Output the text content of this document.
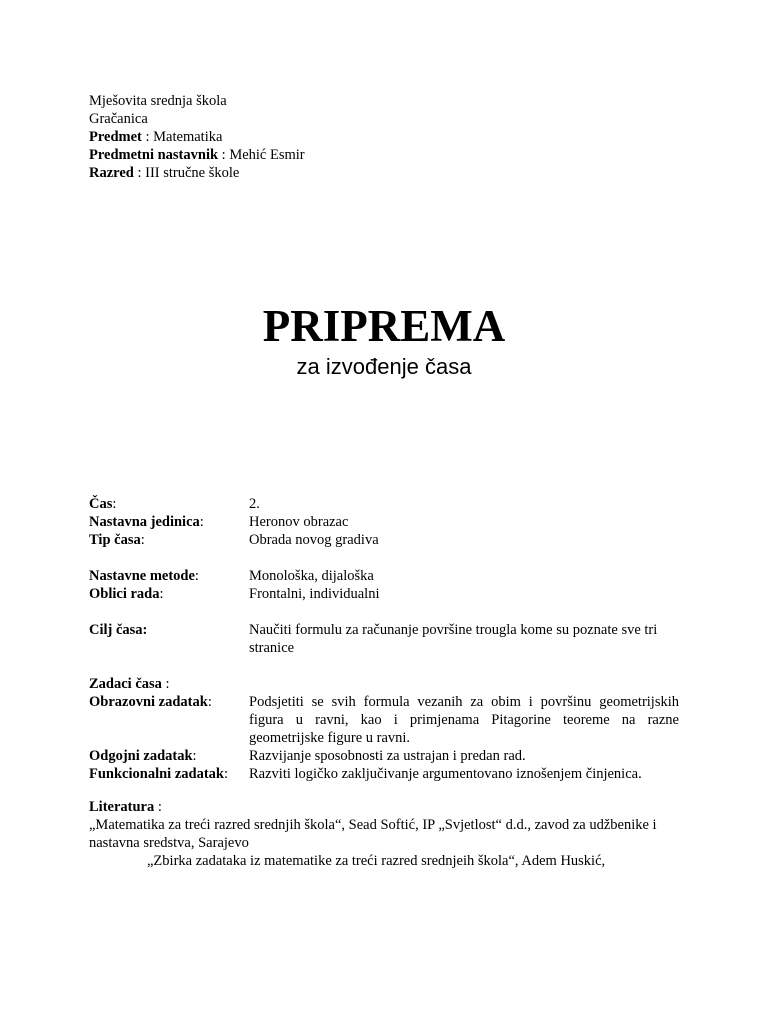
Mješovita srednja škola
Gračanica
Predmet : Matematika
Predmetni nastavnik : Mehić Esmir
Razred : III stručne škole
PRIPREMA
za izvođenje časa
Čas:	2.
Nastavna jedinica:	Heronov obrazac
Tip časa:	Obrada novog gradiva
Nastavne metode:	Monološka, dijaloška
Oblici rada:	Frontalni, individualni
Cilj časa:	Naučiti formulu za računanje površine trougla kome su poznate sve tri stranice
Zadaci časa :
Obrazovni zadatak:	Podsjetiti se svih formula vezanih za obim i površinu geometrijskih figura u ravni, kao i primjenama Pitagorine teoreme na razne geometrijske figure u ravni.
Odgojni zadatak:	Razvijanje sposobnosti za ustrajan i predan rad.
Funkcionalni zadatak:	Razviti logičko zaključivanje argumentovano iznošenjem činjenica.
Literatura :
„Matematika za treći razred srednjih škola“, Sead Softić, IP „Svjetlost“ d.d., zavod za udžbenike i nastavna sredstva, Sarajevo
„Zbirka zadataka iz matematike za treći razred srednjeih škola“, Adem Huskić,
